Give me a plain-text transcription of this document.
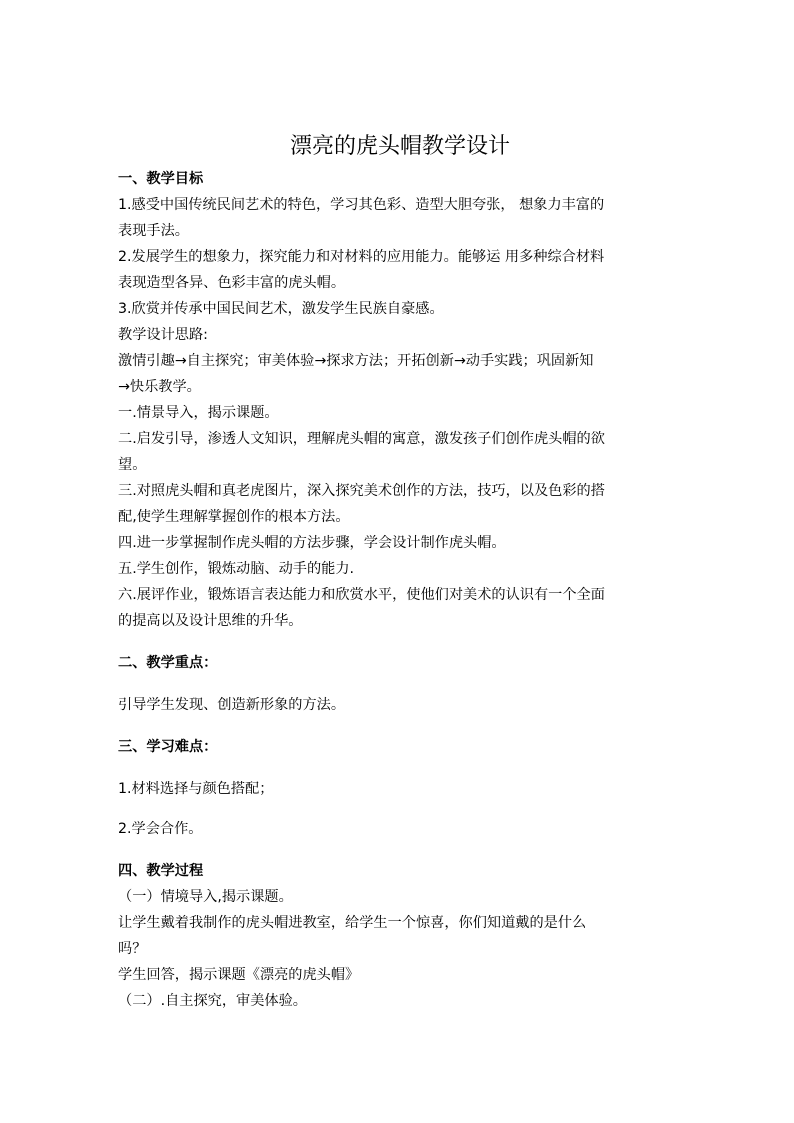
漂亮的虎头帽教学设计
一、教学目标
1.感受中国传统民间艺术的特色，学习其色彩、造型大胆夸张， 想象力丰富的
表现手法。
2.发展学生的想象力，探究能力和对材料的应用能力。能够运 用多种综合材料
表现造型各异、色彩丰富的虎头帽。
3.欣赏并传承中国民间艺术，激发学生民族自豪感。
教学设计思路:
激情引趣→自主探究；审美体验→探求方法；开拓创新→动手实践；巩固新知
→快乐教学。
一.情景导入，揭示课题。
二.启发引导，渗透人文知识，理解虎头帽的寓意，激发孩子们创作虎头帽的欲
望。
三.对照虎头帽和真老虎图片，深入探究美术创作的方法，技巧，以及色彩的搭
配,使学生理解掌握创作的根本方法。
四.进一步掌握制作虎头帽的方法步骤，学会设计制作虎头帽。
五.学生创作，锻炼动脑、动手的能力.
六.展评作业，锻炼语言表达能力和欣赏水平，使他们对美术的认识有一个全面
的提高以及设计思维的升华。
二、教学重点：
引导学生发现、创造新形象的方法。
三、学习难点：
1.材料选择与颜色搭配；
2.学会合作。
四、教学过程
（一）情境导入,揭示课题。
让学生戴着我制作的虎头帽进教室，给学生一个惊喜，你们知道戴的是什么
吗？
学生回答，揭示课题《漂亮的虎头帽》
（二）.自主探究，审美体验。
